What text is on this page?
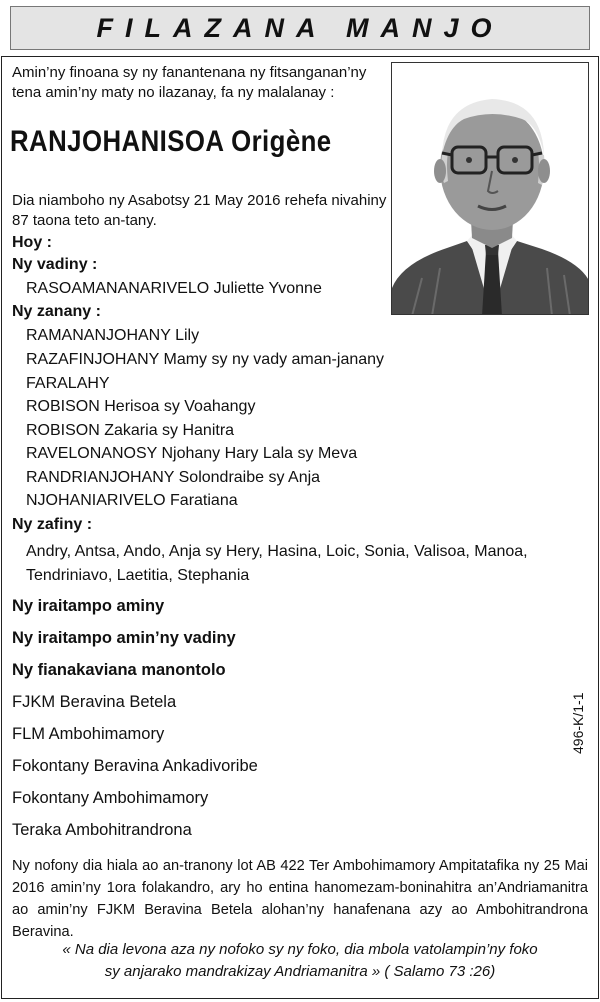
FILAZANA MANJO
Amin’ny finoana sy ny fanantenana ny fitsanganan’ny tena amin’ny maty no ilazanay, fa ny malalanay :
RANJOHANISOA Origène
Dia niamboho ny Asabotsy 21 May 2016 rehefa nivahiny 87 taona teto an-tany.
Hoy :
Ny vadiny :
RASOAMANANARIVELO Juliette Yvonne
Ny zanany :
RAMANANJOHANY Lily
RAZAFINJOHANY Mamy sy ny vady aman-janany
FARALAHY
ROBISON Herisoa sy Voahangy
ROBISON Zakaria sy Hanitra
RAVELONANOSY Njohany Hary Lala sy Meva
RANDRIANJOHANY Solondraibe sy Anja
NJOHANIARIVELO Faratiana
Ny zafiny :
Andry, Antsa, Ando, Anja sy Hery, Hasina, Loic, Sonia, Valisoa, Manoa, Tendriniavo, Laetitia, Stephania
Ny iraitampo aminy
Ny iraitampo amin’ny vadiny
Ny fianakaviana manontolo
FJKM Beravina Betela
FLM Ambohimamory
Fokontany Beravina Ankadivoribe
Fokontany Ambohimamory
Teraka Ambohitrandrona
496-K/1-1
Ny nofony dia hiala ao an-tranony lot AB 422 Ter Ambohimamory Ampitatafika ny 25 Mai 2016 amin’ny 1ora folakandro, ary ho entina hanomezam-boninahitra an’Andriamanitra ao amin’ny FJKM Beravina Betela alohan’ny hanafenana azy ao Ambohitrandrona Beravina.
« Na dia levona aza ny nofoko sy ny foko, dia mbola vatolampin’ny foko
sy anjarako mandrakizay Andriamanitra » ( Salamo 73 :26)
